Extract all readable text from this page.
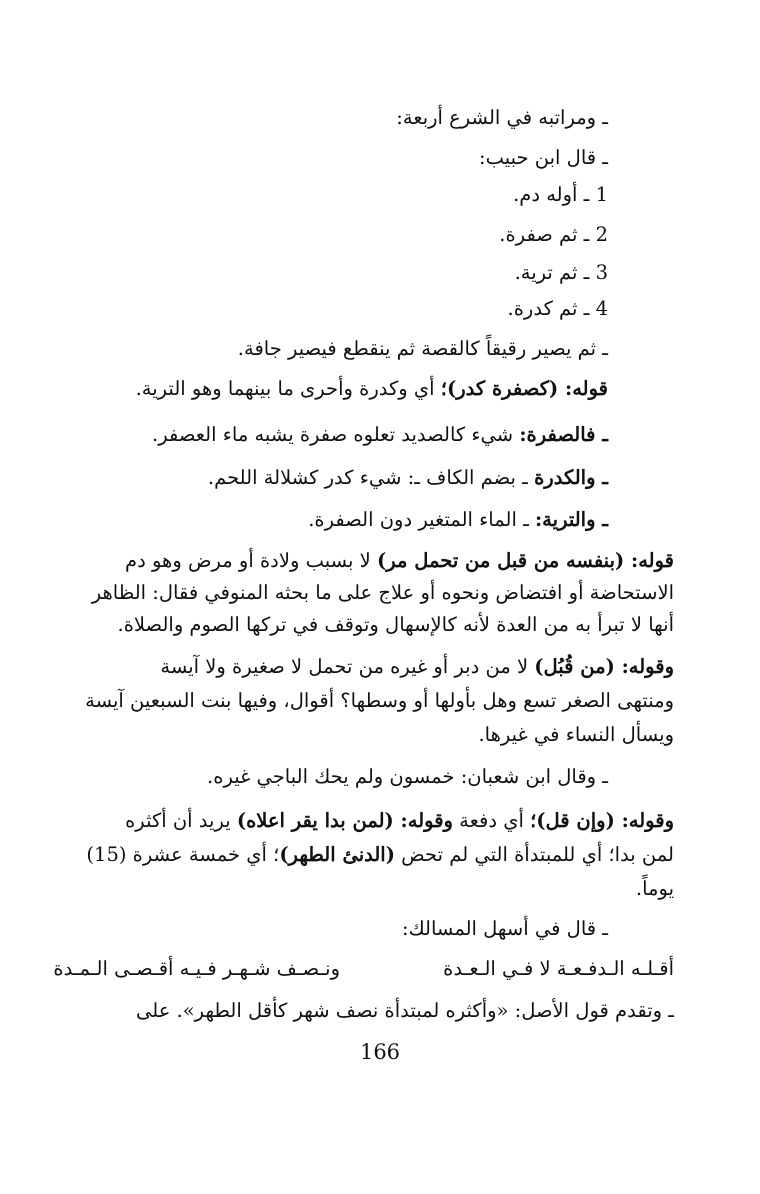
ـ ومراتبه في الشرع أربعة:
ـ قال ابن حبيب:
1 ـ أوله دم.
2 ـ ثم صفرة.
3 ـ ثم ترية.
4 ـ ثم كدرة.
ـ ثم يصير رقيقاً كالقصة ثم ينقطع فيصير جافة.
قوله: (كصفرة كدر)؛ أي وكدرة وأحرى ما بينهما وهو الترية.
ـ فالصفرة: شيء كالصديد تعلوه صفرة يشبه ماء العصفر.
ـ والكدرة ـ بضم الكاف ـ: شيء كدر كشلالة اللحم.
ـ والترية: ـ الماء المتغير دون الصفرة.
قوله: (بنفسه من قبل من تحمل مر) لا بسبب ولادة أو مرض وهو دم
الاستحاضة أو افتضاض ونحوه أو علاج على ما بحثه المنوفي فقال: الظاهر
أنها لا تبرأ به من العدة لأنه كالإسهال وتوقف في تركها الصوم والصلاة.
وقوله: (من قُبُل) لا من دبر أو غيره من تحمل لا صغيرة ولا آيسة
ومنتهى الصغر تسع وهل بأولها أو وسطها؟ أقوال، وفيها بنت السبعين آيسة
ويسأل النساء في غيرها.
ـ وقال ابن شعبان: خمسون ولم يحك الباجي غيره.
وقوله: (وإن قل)؛ أي دفعة وقوله: (لمن بدا يقر اعلاه) يريد أن أكثره
لمن بدا؛ أي للمبتدأة التي لم تحض (الدنئ الطهر)؛ أي خمسة عشرة (15)
يوماً.
ـ قال في أسهل المسالك:
أقـلـه الـدفـعـة لا فـي الـعـدة
ونـصـف شـهـر فـيـه أقـصـى الـمـدة
ـ وتقدم قول الأصل: «وأكثره لمبتدأة نصف شهر كأقل الطهر». على
166
